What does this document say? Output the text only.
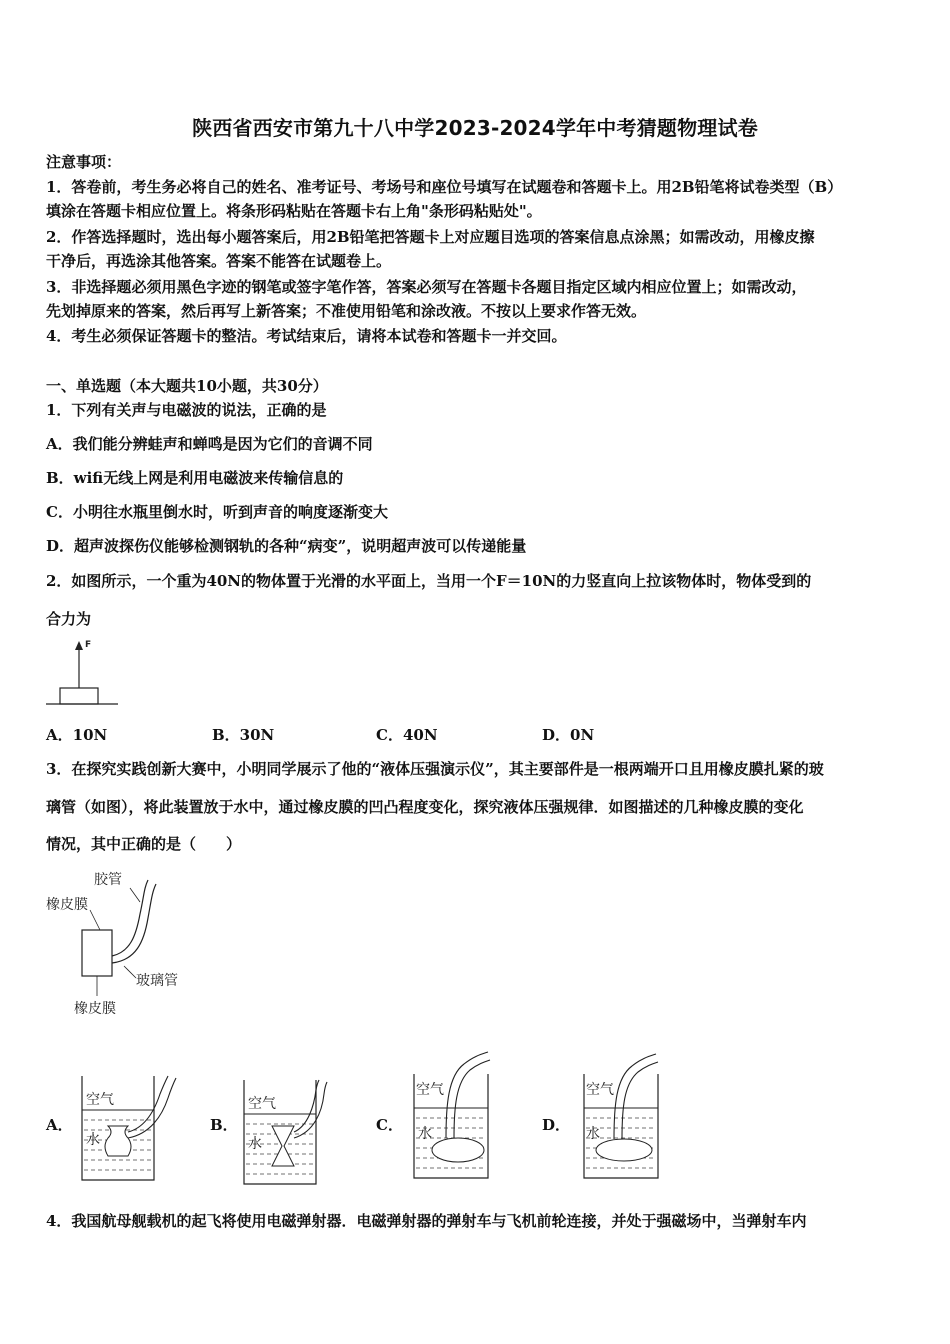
陕西省西安市第九十八中学2023-2024学年中考猜题物理试卷
注意事项：
1．答卷前，考生务必将自己的姓名、准考证号、考场号和座位号填写在试题卷和答题卡上。用2B铅笔将试卷类型（B）
填涂在答题卡相应位置上。将条形码粘贴在答题卡右上角"条形码粘贴处"。
2．作答选择题时，选出每小题答案后，用2B铅笔把答题卡上对应题目选项的答案信息点涂黑；如需改动，用橡皮擦
干净后，再选涂其他答案。答案不能答在试题卷上。
3．非选择题必须用黑色字迹的钢笔或签字笔作答，答案必须写在答题卡各题目指定区域内相应位置上；如需改动，
先划掉原来的答案，然后再写上新答案；不准使用铅笔和涂改液。不按以上要求作答无效。
4．考生必须保证答题卡的整洁。考试结束后，请将本试卷和答题卡一并交回。
一、单选题（本大题共10小题，共30分）
1．下列有关声与电磁波的说法，正确的是
A．我们能分辨蛙声和蝉鸣是因为它们的音调不同
B．wifi无线上网是利用电磁波来传输信息的
C．小明往水瓶里倒水时，听到声音的响度逐渐变大
D．超声波探伤仪能够检测钢轨的各种“病变”，说明超声波可以传递能量
2．如图所示，一个重为40N的物体置于光滑的水平面上，当用一个F＝10N的力竖直向上拉该物体时，物体受到的
合力为
F
A．10N	B．30N	C．40N	D．0N
3．在探究实践创新大赛中，小明同学展示了他的“液体压强演示仪”，其主要部件是一根两端开口且用橡皮膜扎紧的玻
璃管（如图），将此装置放于水中，通过橡皮膜的凹凸程度变化，探究液体压强规律．如图描述的几种橡皮膜的变化
情况，其中正确的是（　　）
胶管
橡皮膜
玻璃管
橡皮膜
A．
空气
水
B．
空气
水
C．
空气
水	D．
空气
水
4．我国航母舰载机的起飞将使用电磁弹射器．电磁弹射器的弹射车与飞机前轮连接，并处于强磁场中，当弹射车内
